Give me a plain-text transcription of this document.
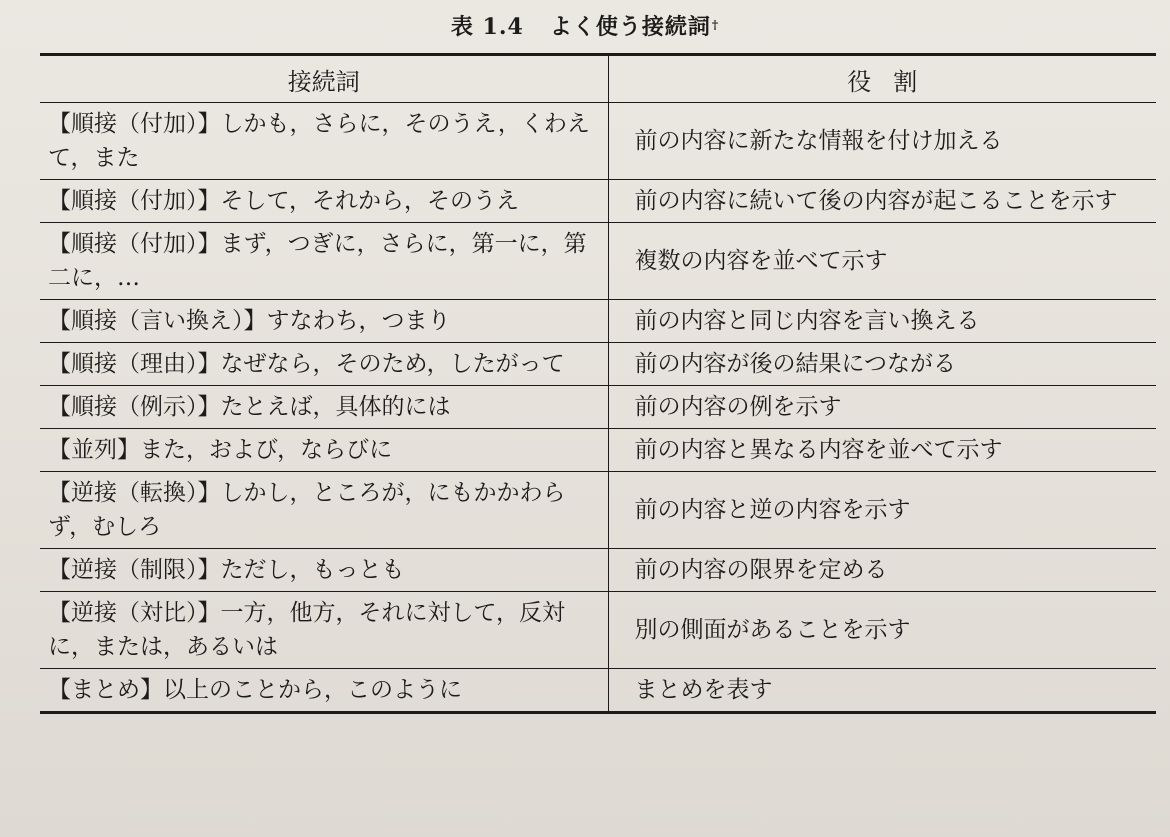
表 1.4 よく使う接続詞†
接続詞	役割
【順接（付加）】しかも，さらに，そのうえ，くわえて，また	前の内容に新たな情報を付け加える
【順接（付加）】そして，それから，そのうえ	前の内容に続いて後の内容が起こることを示す
【順接（付加）】まず，つぎに，さらに，第一に，第二に，…	複数の内容を並べて示す
【順接（言い換え）】すなわち，つまり	前の内容と同じ内容を言い換える
【順接（理由）】なぜなら，そのため，したがって	前の内容が後の結果につながる
【順接（例示）】たとえば，具体的には	前の内容の例を示す
【並列】また，および，ならびに	前の内容と異なる内容を並べて示す
【逆接（転換）】しかし，ところが，にもかかわらず，むしろ	前の内容と逆の内容を示す
【逆接（制限）】ただし，もっとも	前の内容の限界を定める
【逆接（対比）】一方，他方，それに対して，反対に，または，あるいは	別の側面があることを示す
【まとめ】以上のことから，このように	まとめを表す
